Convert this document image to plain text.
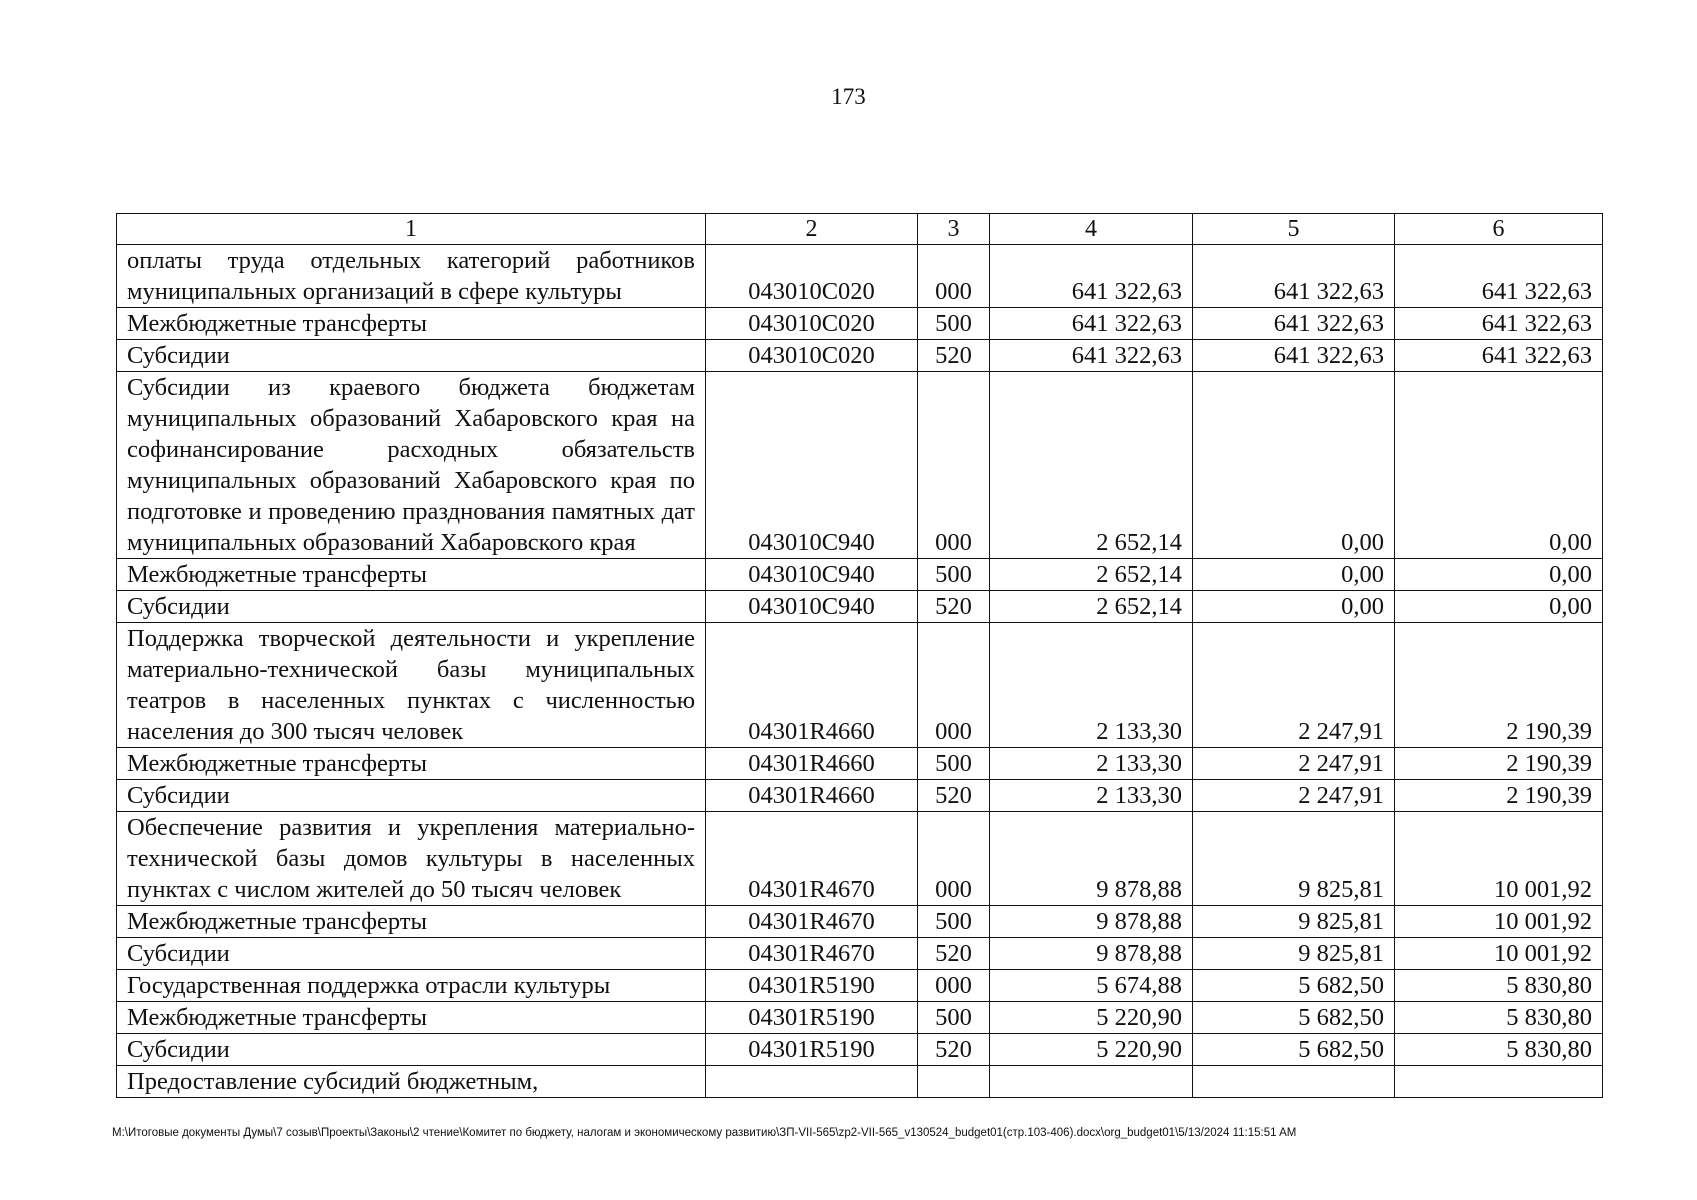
173
1	2	3	4	5	6
оплаты труда отдельных категорий работников муниципальных организаций в сфере культуры	043010С020	000	641 322,63	641 322,63	641 322,63
Межбюджетные трансферты	043010С020	500	641 322,63	641 322,63	641 322,63
Субсидии	043010С020	520	641 322,63	641 322,63	641 322,63
Субсидии из краевого бюджета бюджетам муниципальных образований Хабаровского края на софинансирование расходных обязательств муниципальных образований Хабаровского края по подготовке и проведению празднования памятных дат муниципальных образований Хабаровского края	043010С940	000	2 652,14	0,00	0,00
Межбюджетные трансферты	043010С940	500	2 652,14	0,00	0,00
Субсидии	043010С940	520	2 652,14	0,00	0,00
Поддержка творческой деятельности и укрепление материально-технической базы муниципальных театров в населенных пунктах с численностью населения до 300 тысяч человек	04301R4660	000	2 133,30	2 247,91	2 190,39
Межбюджетные трансферты	04301R4660	500	2 133,30	2 247,91	2 190,39
Субсидии	04301R4660	520	2 133,30	2 247,91	2 190,39
Обеспечение развития и укрепления материально-технической базы домов культуры в населенных пунктах с числом жителей до 50 тысяч человек	04301R4670	000	9 878,88	9 825,81	10 001,92
Межбюджетные трансферты	04301R4670	500	9 878,88	9 825,81	10 001,92
Субсидии	04301R4670	520	9 878,88	9 825,81	10 001,92
Государственная поддержка отрасли культуры	04301R5190	000	5 674,88	5 682,50	5 830,80
Межбюджетные трансферты	04301R5190	500	5 220,90	5 682,50	5 830,80
Субсидии	04301R5190	520	5 220,90	5 682,50	5 830,80
Предоставление субсидий бюджетным,					
M:\Итоговые документы Думы\7 созыв\Проекты\Законы\2 чтение\Комитет по бюджету, налогам и экономическому развитию\ЗП-VII-565\zp2-VII-565_v130524_budget01(стр.103-406).docx\org_budget01\5/13/2024 11:15:51 AM
